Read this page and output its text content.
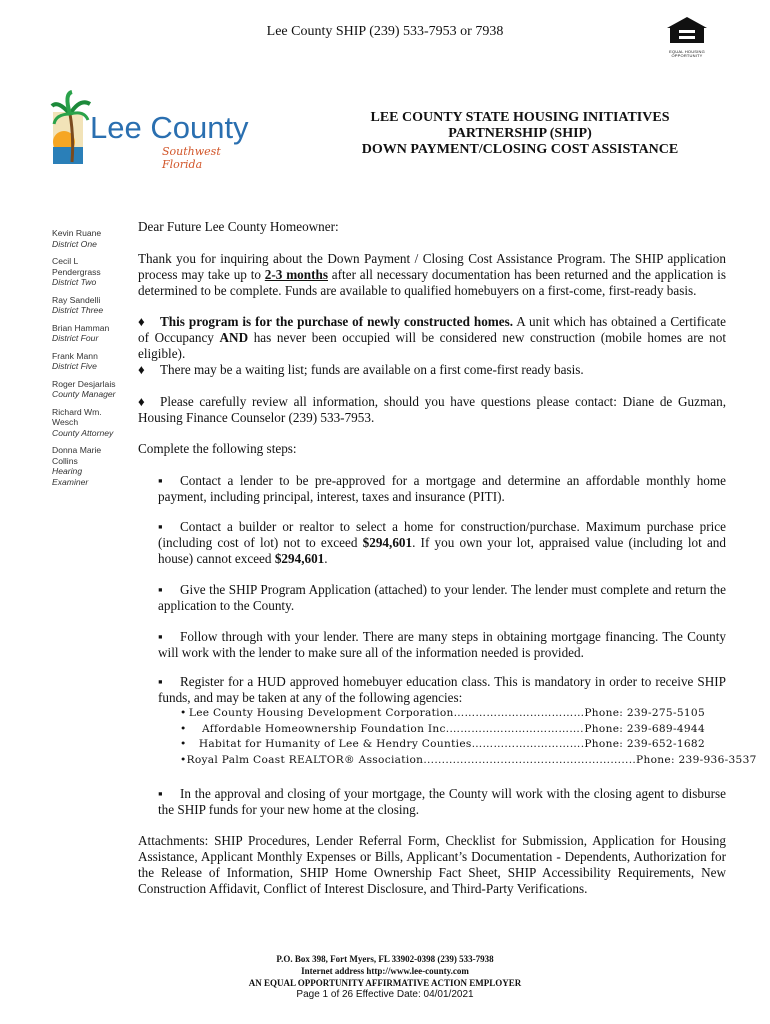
Lee County SHIP (239) 533-7953 or 7938
EQUAL HOUSING
OPPORTUNITY
Lee County
Southwest Florida
LEE COUNTY STATE HOUSING INITIATIVES
PARTNERSHIP (SHIP)
DOWN PAYMENT/CLOSING COST ASSISTANCE
Kevin Ruane
District One
Cecil L Pendergrass
District Two
Ray Sandelli
District Three
Brian Hamman
District Four
Frank Mann
District Five
Roger Desjarlais
County Manager
Richard Wm. Wesch
County Attorney
Donna Marie Collins
Hearing Examiner
Dear Future Lee County Homeowner:
Thank you for inquiring about the Down Payment / Closing Cost Assistance Program. The SHIP application process may take up to 2-3 months after all necessary documentation has been returned and the application is determined to be complete. Funds are available to qualified homebuyers on a first-come, first-ready basis.
♦ This program is for the purchase of newly constructed homes. A unit which has obtained a Certificate of Occupancy AND has never been occupied will be considered new construction (mobile homes are not eligible).
♦ There may be a waiting list; funds are available on a first come-first ready basis.
♦ Please carefully review all information, should you have questions please contact: Diane de Guzman, Housing Finance Counselor (239) 533-7953.
Complete the following steps:
▪ Contact a lender to be pre-approved for a mortgage and determine an affordable monthly home payment, including principal, interest, taxes and insurance (PITI).
▪ Contact a builder or realtor to select a home for construction/purchase. Maximum purchase price (including cost of lot) not to exceed $294,601. If you own your lot, appraised value (including lot and house) cannot exceed $294,601.
▪ Give the SHIP Program Application (attached) to your lender. The lender must complete and return the application to the County.
▪ Follow through with your lender. There are many steps in obtaining mortgage financing. The County will work with the lender to make sure all of the information needed is provided.
▪ Register for a HUD approved homebuyer education class. This is mandatory in order to receive SHIP funds, and may be taken at any of the following agencies:
• Lee County Housing Development Corporation ……………………………… Phone: 239-275-5105
•	Affordable Homeownership Foundation Inc. ………………………………. Phone: 239-689-4944
•	Habitat for Humanity of Lee & Hendry Counties ………...………………. Phone: 239-652-1682
• Royal Palm Coast REALTOR® Association .......................................................... Phone: 239-936-3537
▪ In the approval and closing of your mortgage, the County will work with the closing agent to disburse the SHIP funds for your new home at the closing.
Attachments: SHIP Procedures, Lender Referral Form, Checklist for Submission, Application for Housing Assistance, Applicant Monthly Expenses or Bills, Applicant’s Documentation - Dependents, Authorization for the Release of Information, SHIP Home Ownership Fact Sheet, SHIP Accessibility Requirements, New Construction Affidavit, Conflict of Interest Disclosure, and Third-Party Verifications.
P.O. Box 398, Fort Myers, FL 33902-0398 (239) 533-7938
Internet address http://www.lee-county.com
AN EQUAL OPPORTUNITY AFFIRMATIVE ACTION EMPLOYER
Page 1 of 26 Effective Date: 04/01/2021
